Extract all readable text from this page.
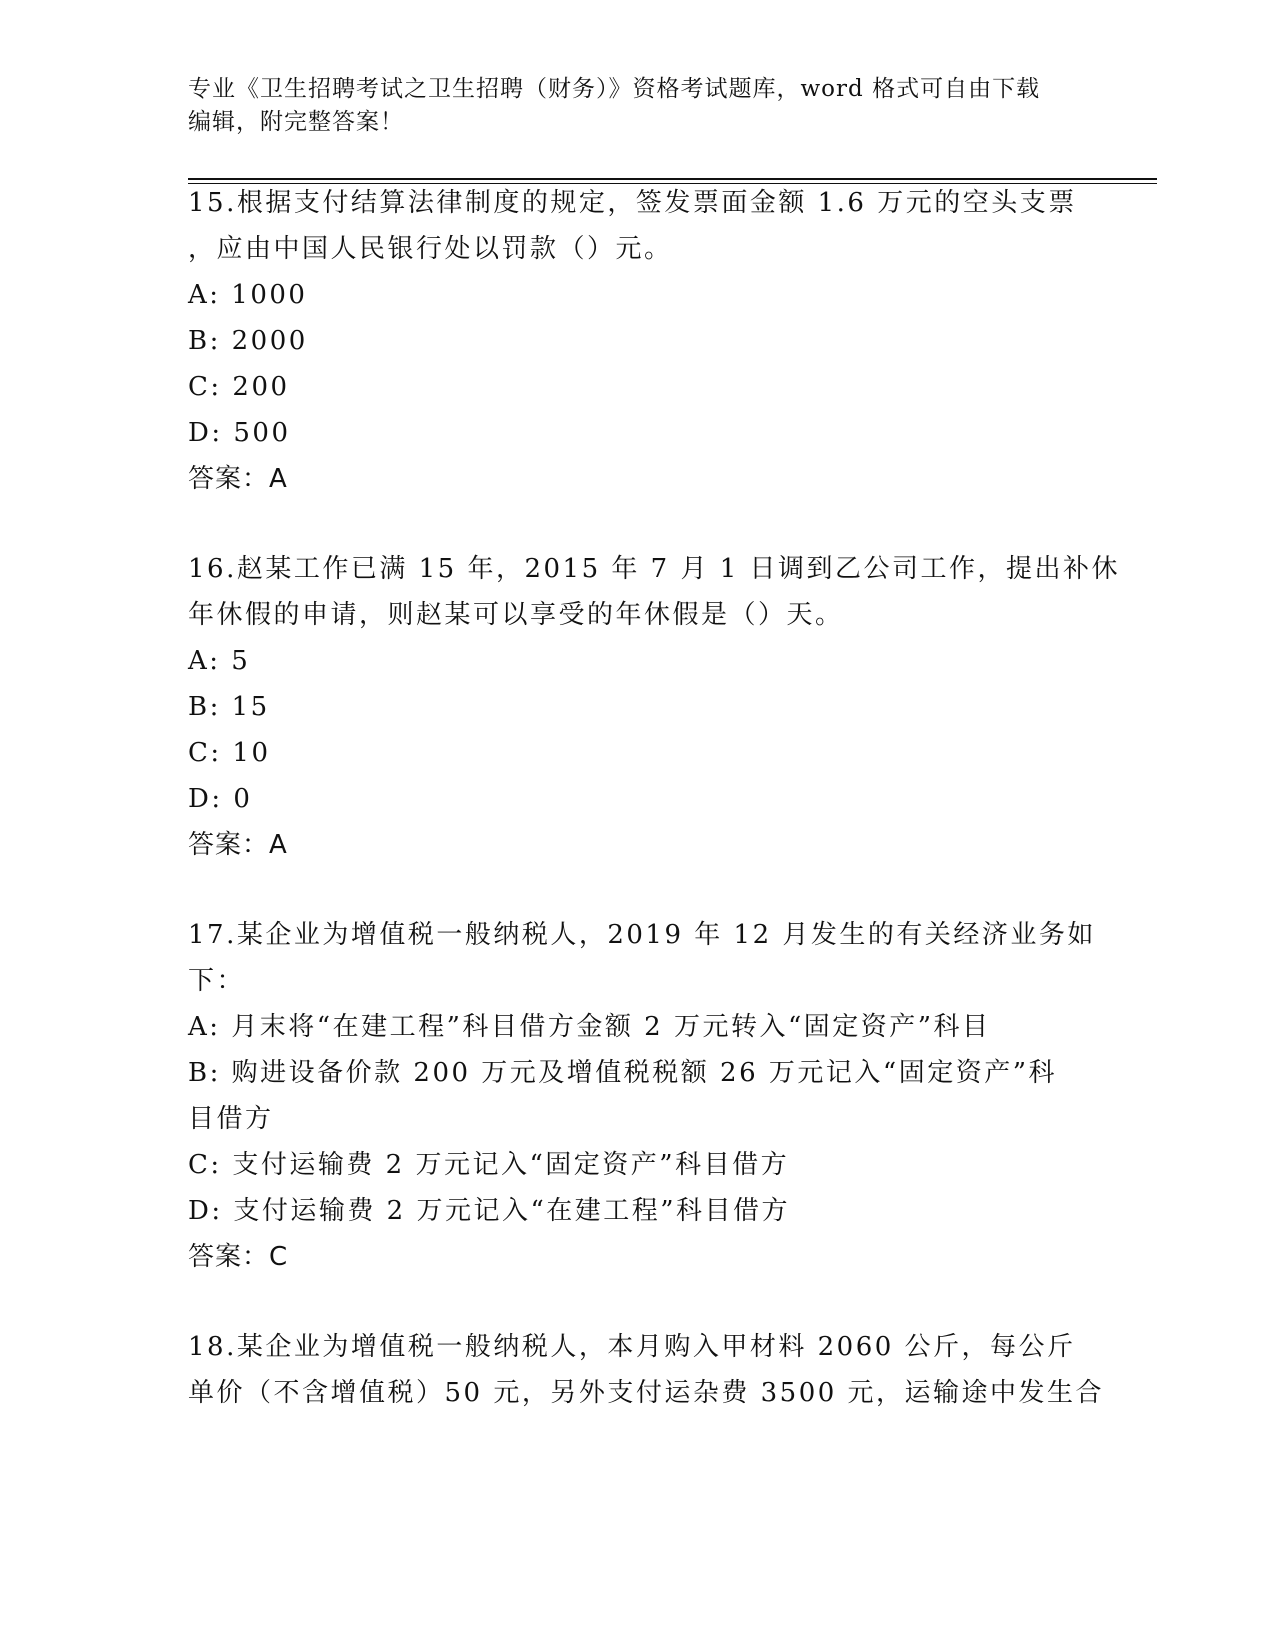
专业《卫生招聘考试之卫生招聘（财务）》资格考试题库，word 格式可自由下载
编辑，附完整答案！
15.根据支付结算法律制度的规定，签发票面金额 1.6 万元的空头支票
，应由中国人民银行处以罚款（）元。
A: 1000
B: 2000
C: 200
D: 500
答案：A
16.赵某工作已满 15 年，2015 年 7 月 1 日调到乙公司工作，提出补休
年休假的申请，则赵某可以享受的年休假是（）天。
A: 5
B: 15
C: 10
D: 0
答案：A
17.某企业为增值税一般纳税人，2019 年 12 月发生的有关经济业务如
下：
A: 月末将“在建工程”科目借方金额 2 万元转入“固定资产”科目
B: 购进设备价款 200 万元及增值税税额 26 万元记入“固定资产”科
目借方
C: 支付运输费 2 万元记入“固定资产”科目借方
D: 支付运输费 2 万元记入“在建工程”科目借方
答案：C
18.某企业为增值税一般纳税人，本月购入甲材料 2060 公斤，每公斤
单价（不含增值税）50 元，另外支付运杂费 3500 元，运输途中发生合
